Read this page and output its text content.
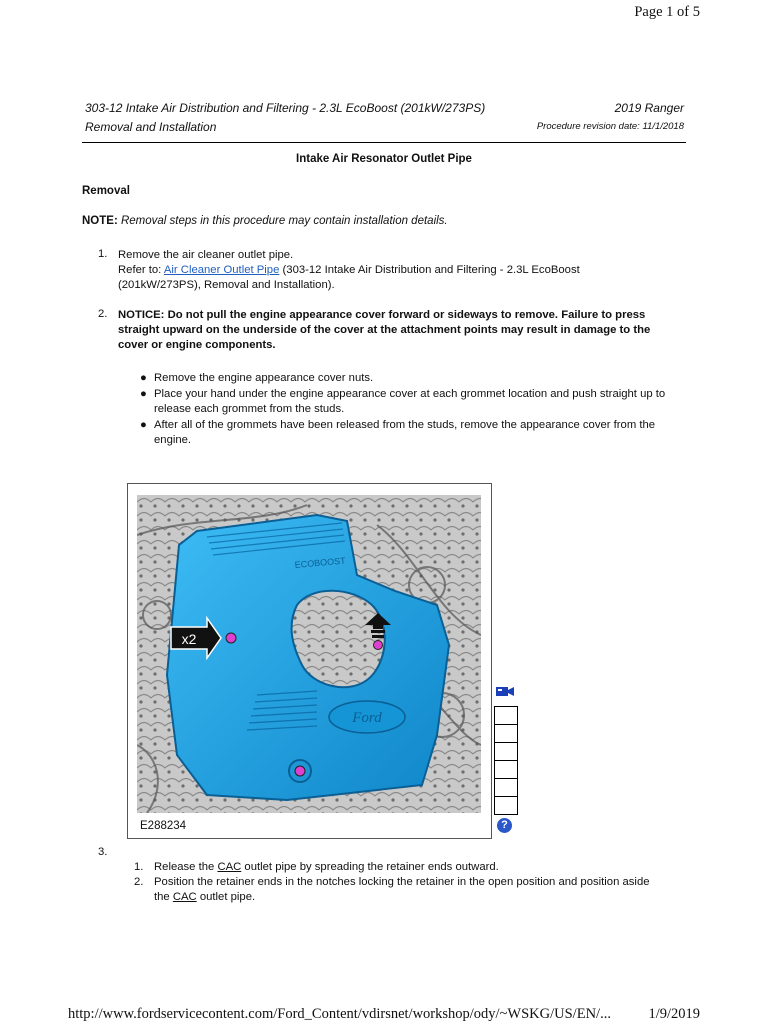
Page 1 of 5
303-12 Intake Air Distribution and Filtering - 2.3L EcoBoost (201kW/273PS)
Removal and Installation
2019 Ranger
Procedure revision date: 11/1/2018
Intake Air Resonator Outlet Pipe
Removal
NOTE: Removal steps in this procedure may contain installation details.
1. Remove the air cleaner outlet pipe.
Refer to: Air Cleaner Outlet Pipe (303-12 Intake Air Distribution and Filtering - 2.3L EcoBoost
(201kW/273PS), Removal and Installation).
2. NOTICE: Do not pull the engine appearance cover forward or sideways to remove. Failure to press straight upward on the underside of the cover at the attachment points may result in damage to the cover or engine components.
● Remove the engine appearance cover nuts.
● Place your hand under the engine appearance cover at each grommet location and push straight up to release each grommet from the studs.
● After all of the grommets have been released from the studs, remove the appearance cover from the engine.
Ford
ECOBOOST
x2
E288234	?
3.
1. Release the CAC outlet pipe by spreading the retainer ends outward.
2. Position the retainer ends in the notches locking the retainer in the open position and position aside
the CAC outlet pipe.
http://www.fordservicecontent.com/Ford_Content/vdirsnet/workshop/ody/~WSKG/US/EN/...	1/9/2019
